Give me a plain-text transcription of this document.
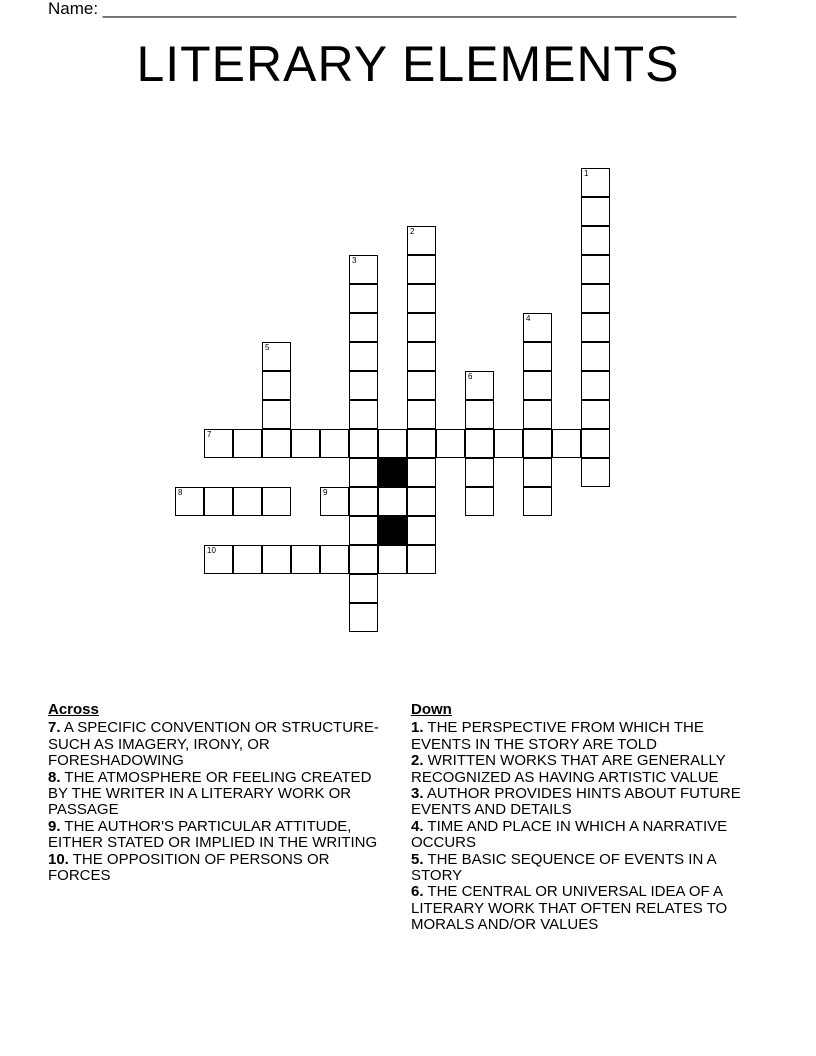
Name: ___________________________________________________________________
LITERARY ELEMENTS
1
2
3
4
5
6
7
8	9
10
Across
7. A SPECIFIC CONVENTION OR STRUCTURE-SUCH AS IMAGERY, IRONY, OR FORESHADOWING
8. THE ATMOSPHERE OR FEELING CREATED BY THE WRITER IN A LITERARY WORK OR PASSAGE
9. THE AUTHOR'S PARTICULAR ATTITUDE, EITHER STATED OR IMPLIED IN THE WRITING
10. THE OPPOSITION OF PERSONS OR FORCES
Down
1. THE PERSPECTIVE FROM WHICH THE EVENTS IN THE STORY ARE TOLD
2. WRITTEN WORKS THAT ARE GENERALLY RECOGNIZED AS HAVING ARTISTIC VALUE
3. AUTHOR PROVIDES HINTS ABOUT FUTURE EVENTS AND DETAILS
4. TIME AND PLACE IN WHICH A NARRATIVE OCCURS
5. THE BASIC SEQUENCE OF EVENTS IN A STORY
6. THE CENTRAL OR UNIVERSAL IDEA OF A LITERARY WORK THAT OFTEN RELATES TO MORALS AND/OR VALUES
